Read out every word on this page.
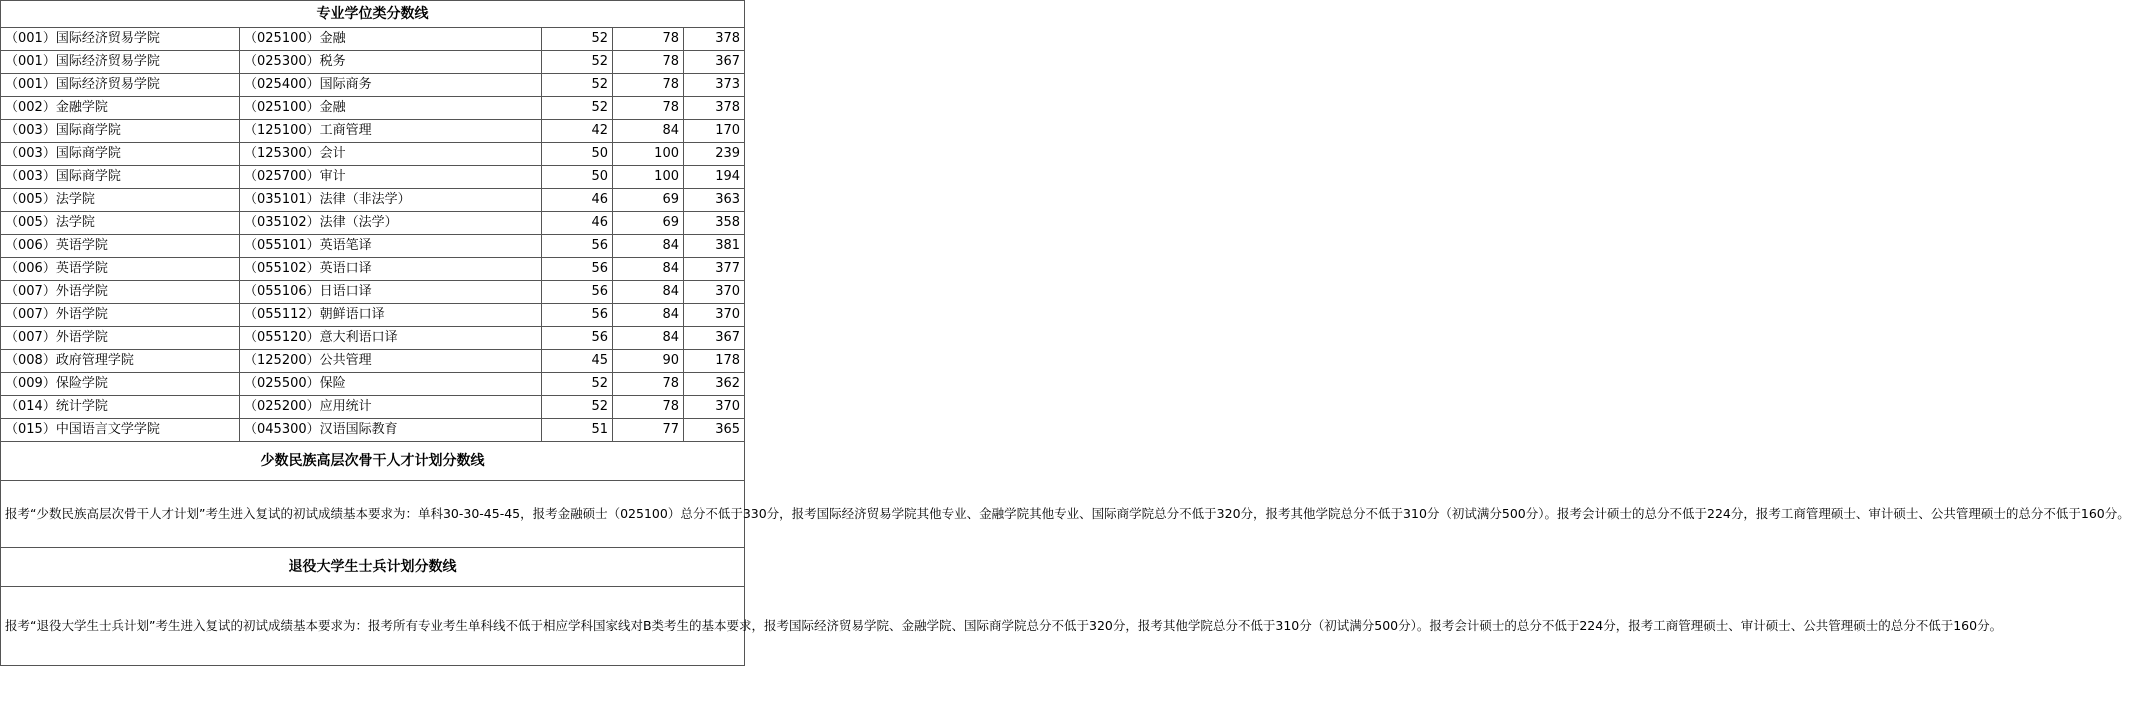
专业学位类分数线				
（001）国际经济贸易学院	（025100）金融	52	78	378
（001）国际经济贸易学院	（025300）税务	52	78	367
（001）国际经济贸易学院	（025400）国际商务	52	78	373
（002）金融学院	（025100）金融	52	78	378
（003）国际商学院	（125100）工商管理	42	84	170
（003）国际商学院	（125300）会计	50	100	239
（003）国际商学院	（025700）审计	50	100	194
（005）法学院	（035101）法律（非法学）	46	69	363
（005）法学院	（035102）法律（法学）	46	69	358
（006）英语学院	（055101）英语笔译	56	84	381
（006）英语学院	（055102）英语口译	56	84	377
（007）外语学院	（055106）日语口译	56	84	370
（007）外语学院	（055112）朝鲜语口译	56	84	370
（007）外语学院	（055120）意大利语口译	56	84	367
（008）政府管理学院	（125200）公共管理	45	90	178
（009）保险学院	（025500）保险	52	78	362
（014）统计学院	（025200）应用统计	52	78	370
（015）中国语言文学学院	（045300）汉语国际教育	51	77	365
少数民族高层次骨干人才计划分数线				
报考“少数民族高层次骨干人才计划”考生进入复试的初试成绩基本要求为：单科30-30-45-45，报考金融硕士（025100）总分不低于330分，报考国际经济贸易学院其他专业、金融学院其他专业、国际商学院总分不低于320分，报考其他学院总分不低于310分（初试满分500分）。报考会计硕士的总分不低于224分，报考工商管理硕士、审计硕士、公共管理硕士的总分不低于160分。				
退役大学生士兵计划分数线				
报考“退役大学生士兵计划”考生进入复试的初试成绩基本要求为：报考所有专业考生单科线不低于相应学科国家线对B类考生的基本要求，报考国际经济贸易学院、金融学院、国际商学院总分不低于320分，报考其他学院总分不低于310分（初试满分500分）。报考会计硕士的总分不低于224分，报考工商管理硕士、审计硕士、公共管理硕士的总分不低于160分。				
